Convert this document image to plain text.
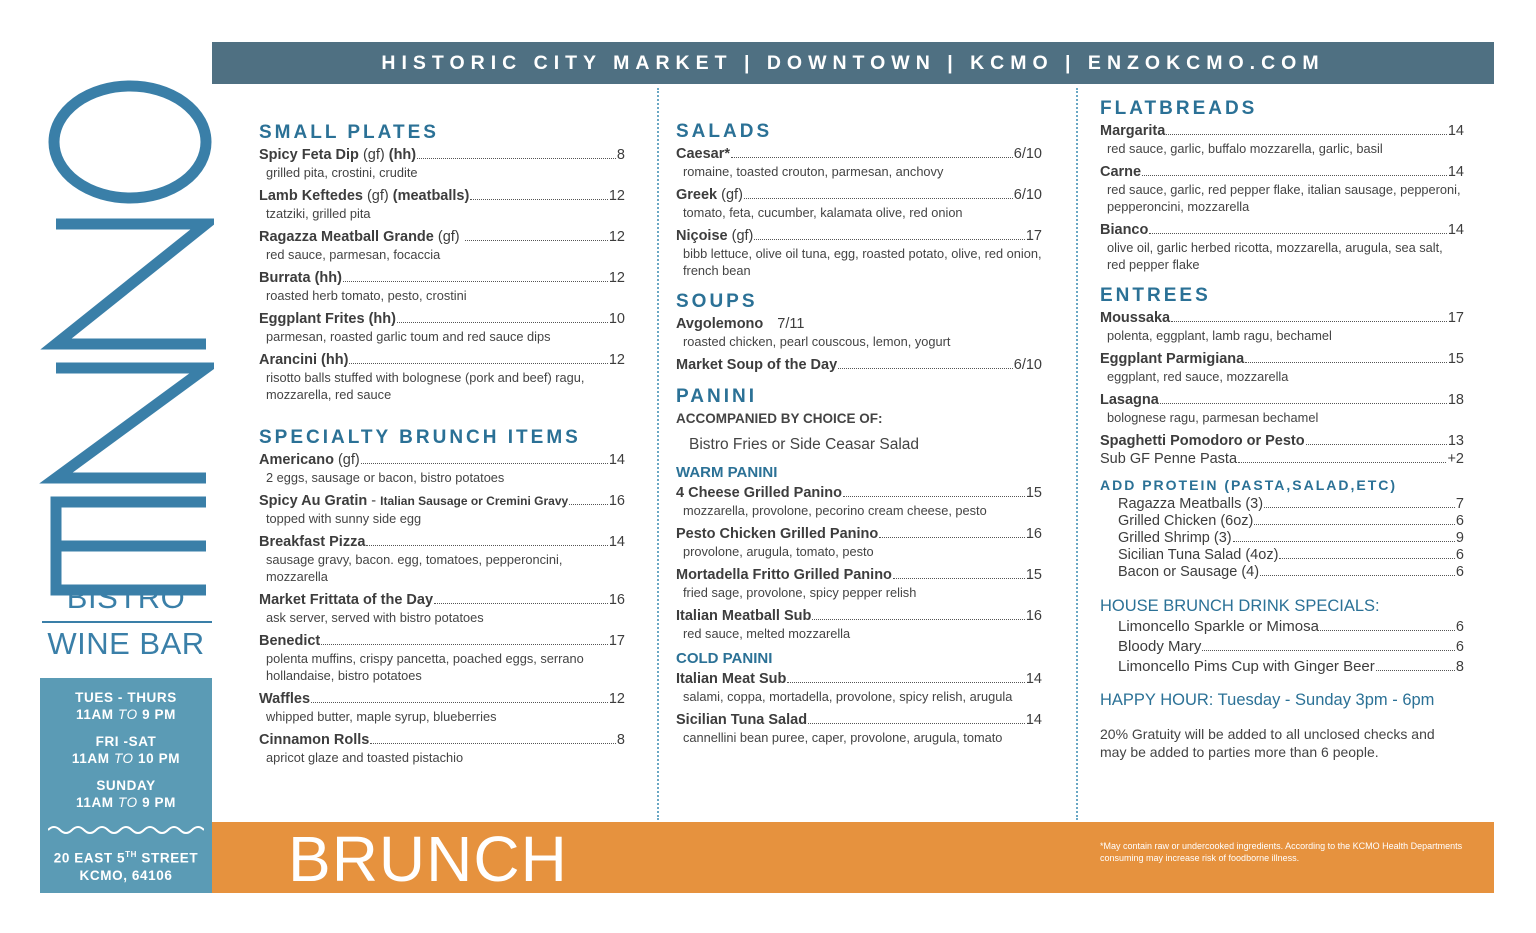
BISTRO
WINE BAR
TUES - THURS
11AM TO 9 PM
FRI -SAT
11AM TO 10 PM
SUNDAY
11AM TO 9 PM
20 EAST 5TH STREET
KCMO, 64106
HISTORIC CITY MARKET | DOWNTOWN | KCMO | ENZOKCMO.COM
SMALL PLATES
Spicy Feta Dip (gf) (hh)	8
grilled pita, crostini, crudite
Lamb Keftedes (gf) (meatballs)	12
tzatziki, grilled pita
Ragazza Meatball Grande (gf)	12
red sauce, parmesan, focaccia
Burrata (hh)	12
roasted herb tomato, pesto, crostini
Eggplant Frites (hh)	10
parmesan, roasted garlic toum and red sauce dips
Arancini (hh)	12
risotto balls stuffed with bolognese (pork and beef) ragu, mozzarella, red sauce
SPECIALTY BRUNCH ITEMS
Americano (gf)	14
2 eggs, sausage or bacon, bistro potatoes
Spicy Au Gratin - Italian Sausage or Cremini Gravy	16
topped with sunny side egg
Breakfast Pizza	14
sausage gravy, bacon. egg, tomatoes, pepperoncini, mozzarella
Market Frittata of the Day	16
ask server, served with bistro potatoes
Benedict	17
polenta muffins, crispy pancetta, poached eggs, serrano hollandaise, bistro potatoes
Waffles	12
whipped butter, maple syrup, blueberries
Cinnamon Rolls	8
apricot glaze and toasted pistachio
SALADS
Caesar*	6/10
romaine, toasted crouton, parmesan, anchovy
Greek (gf)	6/10
tomato, feta, cucumber, kalamata olive, red onion
Niçoise (gf)	17
bibb lettuce, olive oil tuna, egg, roasted potato, olive, red onion, french bean
SOUPS
Avgolemono 7/11
roasted chicken, pearl couscous, lemon, yogurt
Market Soup of the Day	6/10
PANINI
ACCOMPANIED BY CHOICE OF:
Bistro Fries or Side Ceasar Salad
WARM PANINI
4 Cheese Grilled Panino	15
mozzarella, provolone, pecorino cream cheese, pesto
Pesto Chicken Grilled Panino	16
provolone, arugula, tomato, pesto
Mortadella Fritto Grilled Panino	15
fried sage, provolone, spicy pepper relish
Italian Meatball Sub	16
red sauce, melted mozzarella
COLD PANINI
Italian Meat Sub	14
salami, coppa, mortadella, provolone, spicy relish, arugula
Sicilian Tuna Salad	14
cannellini bean puree, caper, provolone, arugula, tomato
FLATBREADS
Margarita	14
red sauce, garlic, buffalo mozzarella, garlic, basil
Carne	14
red sauce, garlic, red pepper flake, italian sausage, pepperoni, pepperoncini, mozzarella
Bianco	14
olive oil, garlic herbed ricotta, mozzarella, arugula, sea salt, red pepper flake
ENTREES
Moussaka	17
polenta, eggplant, lamb ragu, bechamel
Eggplant Parmigiana	15
eggplant, red sauce, mozzarella
Lasagna	18
bolognese ragu, parmesan bechamel
Spaghetti Pomodoro or Pesto	13
Sub GF Penne Pasta	+2
ADD PROTEIN (PASTA,SALAD,ETC)
Ragazza Meatballs (3)	7
Grilled Chicken (6oz)	6
Grilled Shrimp (3)	9
Sicilian Tuna Salad (4oz)	6
Bacon or Sausage (4)	6
HOUSE BRUNCH DRINK SPECIALS:
Limoncello Sparkle or Mimosa	6
Bloody Mary	6
Limoncello Pims Cup with Ginger Beer	8
HAPPY HOUR: Tuesday - Sunday 3pm - 6pm
20% Gratuity will be added to all unclosed checks and may be added to parties more than 6 people.
BRUNCH	*May contain raw or undercooked ingredients. According to the KCMO Health Departments consuming may increase risk of foodborne illness.
